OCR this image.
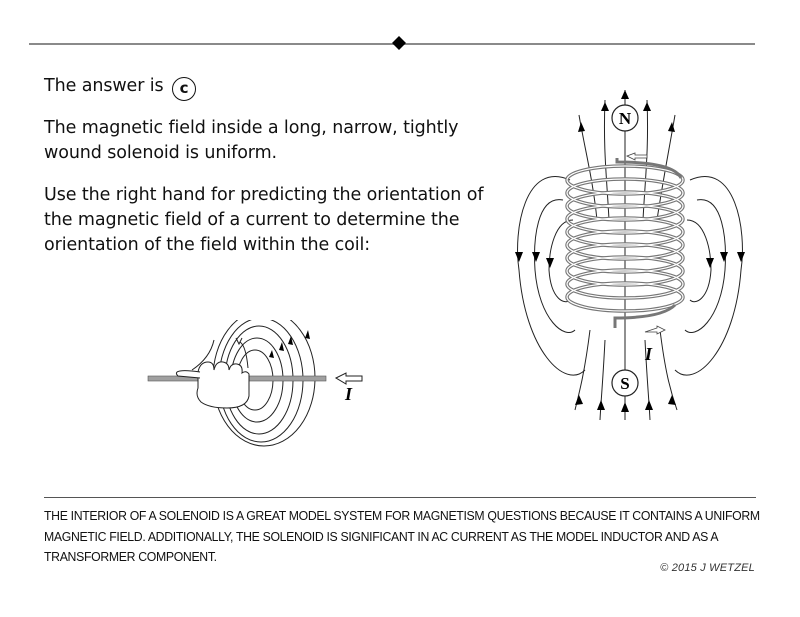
The answer is c
The magnetic field inside a long, narrow, tightly wound solenoid is uniform.
Use the right hand for predicting the orientation of the magnetic field of a current to determine the orientation of the field within the coil:
I
I
N
S
THE INTERIOR OF A SOLENOID IS A GREAT MODEL SYSTEM FOR MAGNETISM QUESTIONS BECAUSE IT CONTAINS A UNIFORM MAGNETIC FIELD. ADDITIONALLY, THE SOLENOID IS SIGNIFICANT IN AC CURRENT AS THE MODEL INDUCTOR AND AS A TRANSFORMER COMPONENT.
© 2015 J WETZEL
